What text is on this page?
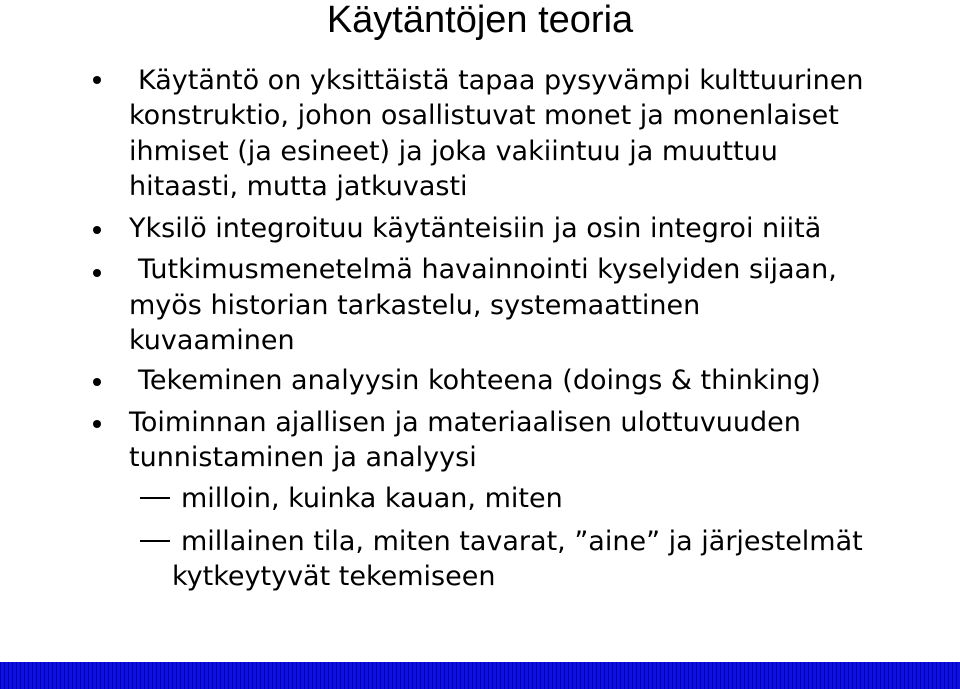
Käytäntöjen teoria
Käytäntö on yksittäistä tapaa pysyvämpi kulttuurinen
konstruktio, johon osallistuvat monet ja monenlaiset
ihmiset (ja esineet) ja joka vakiintuu ja muuttuu
hitaasti, mutta jatkuvasti
Yksilö integroituu käytänteisiin ja osin integroi niitä
Tutkimusmenetelmä havainnointi kyselyiden sijaan,
myös historian tarkastelu, systemaattinen
kuvaaminen
Tekeminen analyysin kohteena (doings & thinking)
Toiminnan ajallisen ja materiaalisen ulottuvuuden
tunnistaminen ja analyysi
milloin, kuinka kauan, miten
millainen tila, miten tavarat, ”aine” ja järjestelmät
kytkeytyvät tekemiseen
